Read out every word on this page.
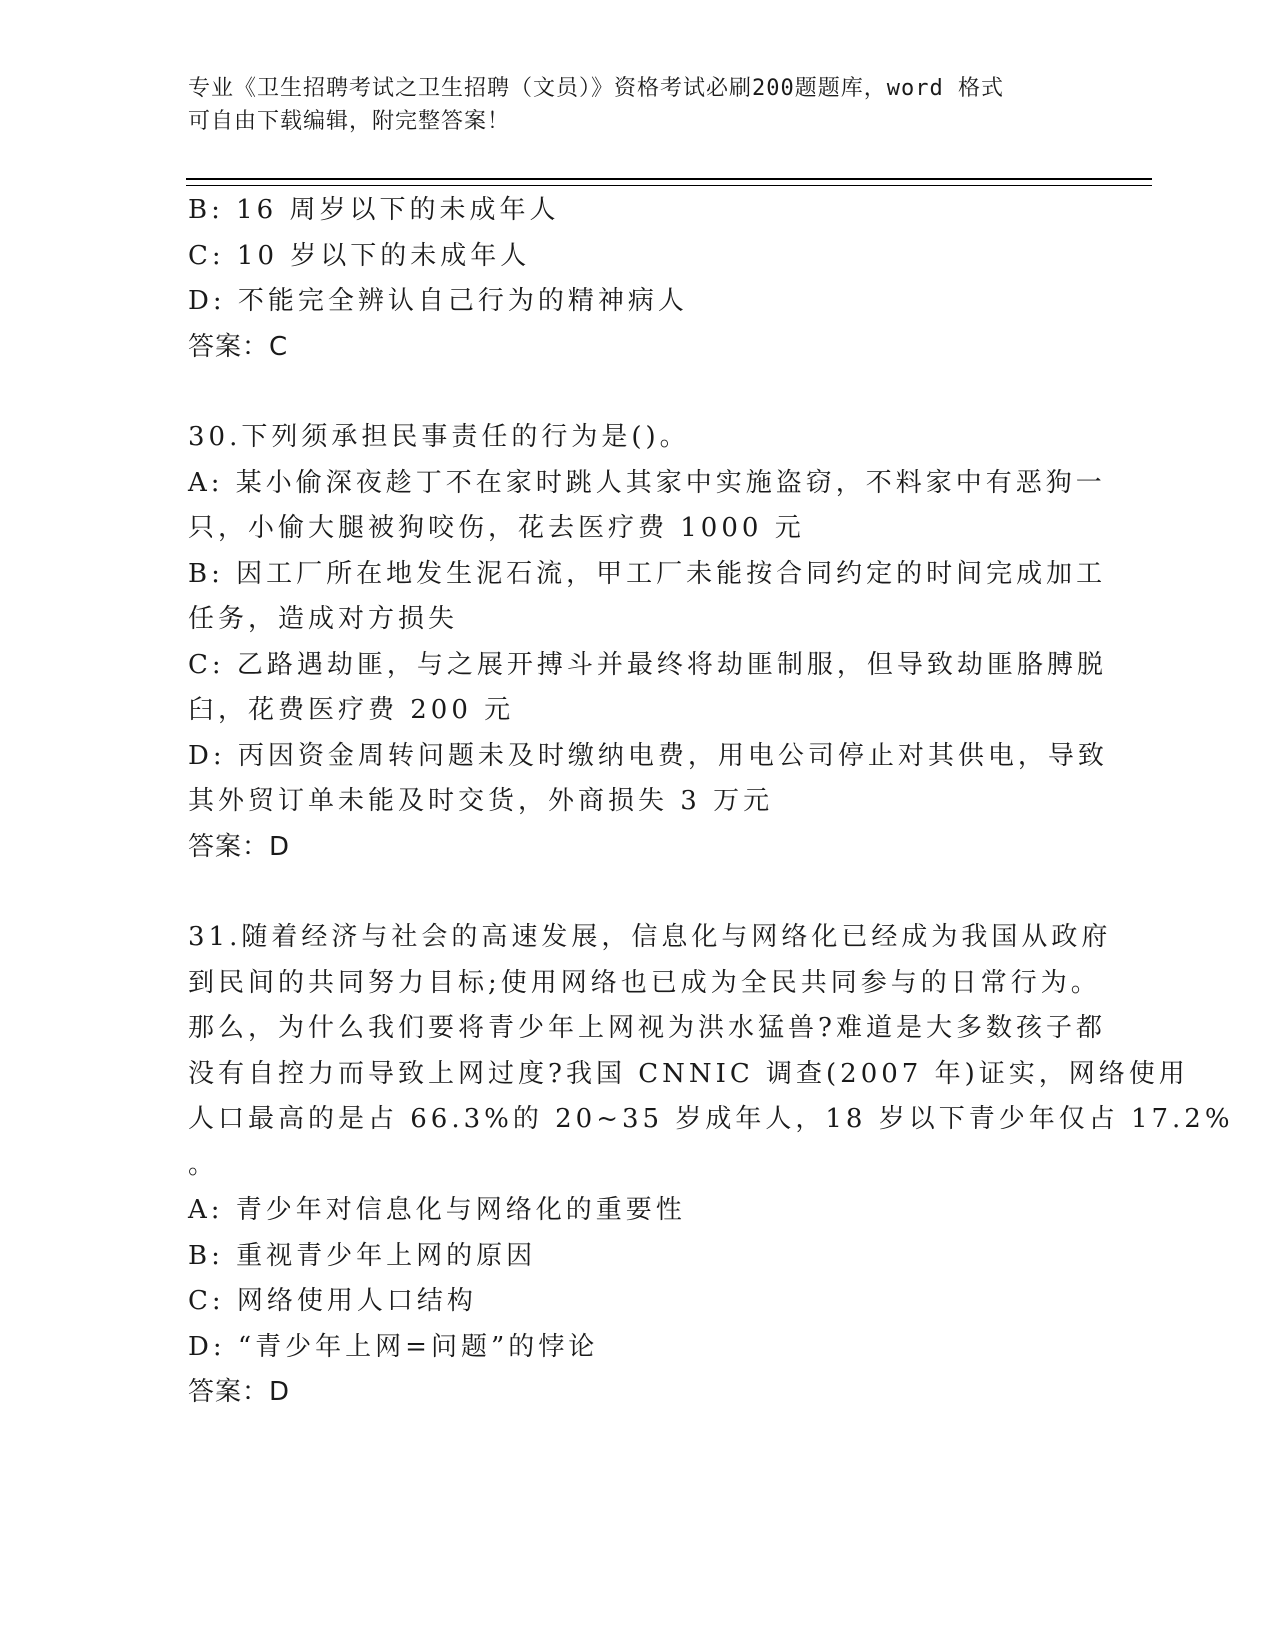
专业《卫生招聘考试之卫生招聘（文员）》资格考试必刷200题题库，word 格式
可自由下载编辑，附完整答案！
B: 16 周岁以下的未成年人
C: 10 岁以下的未成年人
D: 不能完全辨认自己行为的精神病人
答案：C
30.下列须承担民事责任的行为是()。
A: 某小偷深夜趁丁不在家时跳人其家中实施盗窃，不料家中有恶狗一
只，小偷大腿被狗咬伤，花去医疗费 1000 元
B: 因工厂所在地发生泥石流，甲工厂未能按合同约定的时间完成加工
任务，造成对方损失
C: 乙路遇劫匪，与之展开搏斗并最终将劫匪制服，但导致劫匪胳膊脱
臼，花费医疗费 200 元
D: 丙因资金周转问题未及时缴纳电费，用电公司停止对其供电，导致
其外贸订单未能及时交货，外商损失 3 万元
答案：D
31.随着经济与社会的高速发展，信息化与网络化已经成为我国从政府
到民间的共同努力目标;使用网络也已成为全民共同参与的日常行为。
那么，为什么我们要将青少年上网视为洪水猛兽?难道是大多数孩子都
没有自控力而导致上网过度?我国 CNNIC 调查(2007 年)证实，网络使用
人口最高的是占 66.3%的 20~35 岁成年人，18 岁以下青少年仅占 17.2%
。
A: 青少年对信息化与网络化的重要性
B: 重视青少年上网的原因
C: 网络使用人口结构
D: “青少年上网=问题”的悖论
答案：D
